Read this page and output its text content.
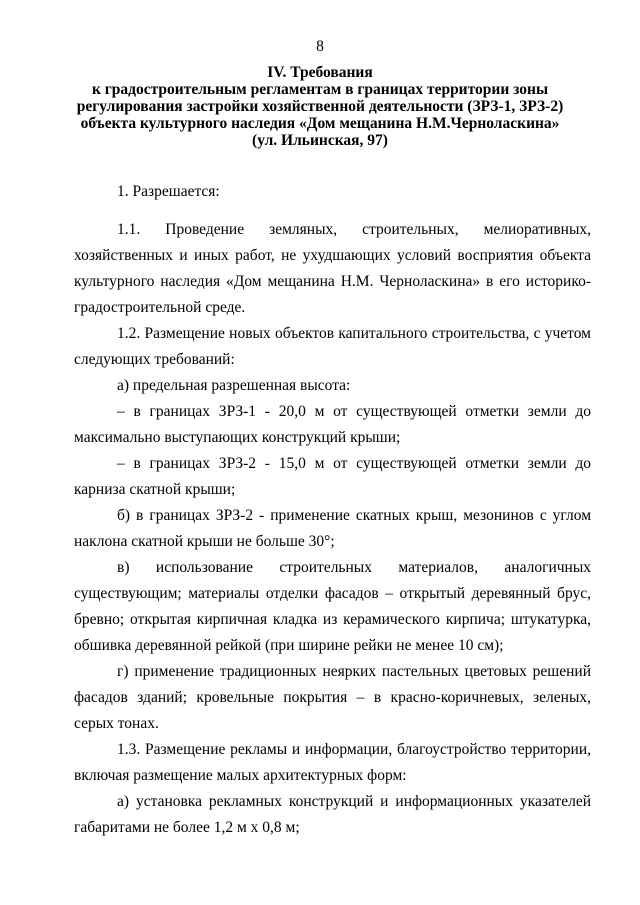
8
IV. Требования
к градостроительным регламентам в границах территории зоны
регулирования застройки хозяйственной деятельности (ЗРЗ-1, ЗРЗ-2)
объекта культурного наследия «Дом мещанина Н.М.Черноласкина»
(ул. Ильинская, 97)

1. Разрешается:

1.1. Проведение земляных, строительных, мелиоративных, хозяйственных и иных работ, не ухудшающих условий восприятия объекта культурного наследия «Дом мещанина Н.М. Черноласкина» в его историко-градостроительной среде.

1.2. Размещение новых объектов капитального строительства, с учетом следующих требований:

а) предельная разрешенная высота:

– в границах ЗРЗ-1 - 20,0 м от существующей отметки земли до максимально выступающих конструкций крыши;

– в границах ЗРЗ-2 - 15,0 м от существующей отметки земли до карниза скатной крыши;

б) в границах ЗРЗ-2 - применение скатных крыш, мезонинов с углом наклона скатной крыши не больше 30°;

в) использование строительных материалов, аналогичных существующим; материалы отделки фасадов – открытый деревянный брус, бревно; открытая кирпичная кладка из керамического кирпича; штукатурка, обшивка деревянной рейкой (при ширине рейки не менее 10 см);

г) применение традиционных неярких пастельных цветовых решений фасадов зданий; кровельные покрытия – в красно-коричневых, зеленых, серых тонах.

1.3. Размещение рекламы и информации, благоустройство территории, включая размещение малых архитектурных форм:

а) установка рекламных конструкций и информационных указателей габаритами не более 1,2 м х 0,8 м;
